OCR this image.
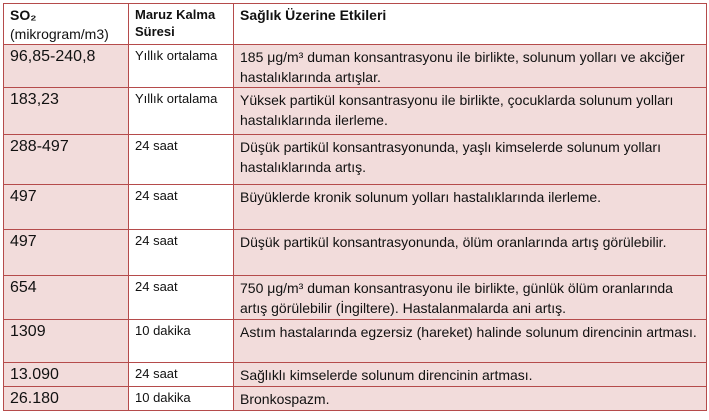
SO₂
(mikrogram/m3)	Maruz Kalma Süresi	Sağlık Üzerine Etkileri
96,85-240,8	Yıllık ortalama	185 μg/m³ duman konsantrasyonu ile birlikte, solunum yolları ve akciğer hastalıklarında artışlar.
183,23	Yıllık ortalama	Yüksek partikül konsantrasyonu ile birlikte, çocuklarda solunum yolları hastalıklarında ilerleme.
288-497	24 saat	Düşük partikül konsantrasyonunda, yaşlı kimselerde solunum yolları hastalıklarında artış.
497	24 saat	Büyüklerde kronik solunum yolları hastalıklarında ilerleme.
497	24 saat	Düşük partikül konsantrasyonunda, ölüm oranlarında artış görülebilir.
654	24 saat	750 μg/m³ duman konsantrasyonu ile birlikte, günlük ölüm oranlarında artış görülebilir (İngiltere). Hastalanmalarda ani artış.
1309	10 dakika	Astım hastalarında egzersiz (hareket) halinde solunum direncinin artması.
13.090	24 saat	Sağlıklı kimselerde solunum direncinin artması.
26.180	10 dakika	Bronkospazm.
